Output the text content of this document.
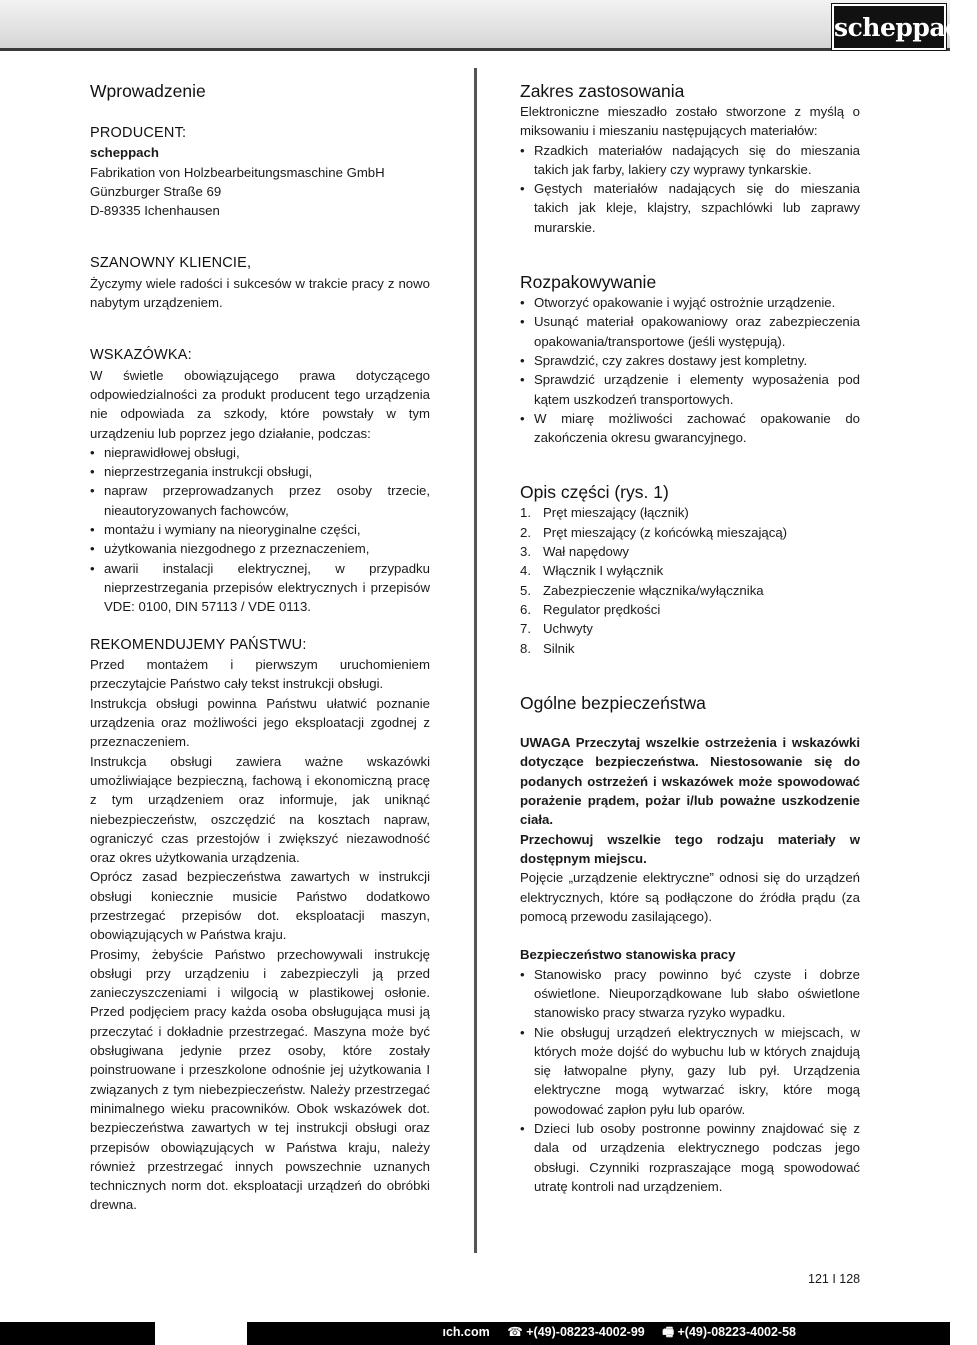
scheppach
Wprowadzenie
PRODUCENT:

scheppach

Fabrikation von Holzbearbeitungsmaschine GmbH

Günzburger Straße 69

D-89335 Ichenhausen

SZANOWNY KLIENCIE,

Życzymy wiele radości i sukcesów w trakcie pracy z nowo nabytym urządzeniem.

WSKAZÓWKA:

W świetle obowiązującego prawa dotyczącego odpowiedzialności za produkt producent tego urządzenia nie odpowiada za szkody, które powstały w tym urządzeniu lub poprzez jego działanie, podczas:

• nieprawidłowej obsługi,
• nieprzestrzegania instrukcji obsługi,
• napraw przeprowadzanych przez osoby trzecie, nieautoryzowanych fachowców,
• montażu i wymiany na nieoryginalne części,
• użytkowania niezgodnego z przeznaczeniem,
• awarii instalacji elektrycznej, w przypadku nieprzestrzegania przepisów elektrycznych i przepisów VDE: 0100, DIN 57113 / VDE 0113.
REKOMENDUJEMY PAŃSTWU:

Przed montażem i pierwszym uruchomieniem przeczytajcie Państwo cały tekst instrukcji obsługi.

Instrukcja obsługi powinna Państwu ułatwić poznanie urządzenia oraz możliwości jego eksploatacji zgodnej z przeznaczeniem.

Instrukcja obsługi zawiera ważne wskazówki umożliwiające bezpieczną, fachową i ekonomiczną pracę z tym urządzeniem oraz informuje, jak uniknąć niebezpieczeństw, oszczędzić na kosztach napraw, ograniczyć czas przestojów i zwiększyć niezawodność oraz okres użytkowania urządzenia.

Oprócz zasad bezpieczeństwa zawartych w instrukcji obsługi koniecznie musicie Państwo dodatkowo przestrzegać przepisów dot. eksploatacji maszyn, obowiązujących w Państwa kraju.

Prosimy, żebyście Państwo przechowywali instrukcję obsługi przy urządzeniu i zabezpieczyli ją przed zanieczyszczeniami i wilgocią w plastikowej osłonie. Przed podjęciem pracy każda osoba obsługująca musi ją przeczytać i dokładnie przestrzegać. Maszyna może być obsługiwana jedynie przez osoby, które zostały poinstruowane i przeszkolone odnośnie jej użytkowania I związanych z tym niebezpieczeństw. Należy przestrzegać minimalnego wieku pracowników. Obok wskazówek dot. bezpieczeństwa zawartych w tej instrukcji obsługi oraz przepisów obowiązujących w Państwa kraju, należy również przestrzegać innych powszechnie uznanych technicznych norm dot. eksploatacji urządzeń do obróbki drewna.

Zakres zastosowania

Elektroniczne mieszadło zostało stworzone z myślą o miksowaniu i mieszaniu następujących materiałów:

• Rzadkich materiałów nadających się do mieszania takich jak farby, lakiery czy wyprawy tynkarskie.
• Gęstych materiałów nadających się do mieszania takich jak kleje, klajstry, szpachlówki lub zaprawy murarskie.
Rozpakowywanie
• Otworzyć opakowanie i wyjąć ostrożnie urządzenie.
• Usunąć materiał opakowaniowy oraz zabezpieczenia opakowania/transportowe (jeśli występują).
• Sprawdzić, czy zakres dostawy jest kompletny.
• Sprawdzić urządzenie i elementy wyposażenia pod kątem uszkodzeń transportowych.
• W miarę możliwości zachować opakowanie do zakończenia okresu gwarancyjnego.
Opis części (rys. 1)
1. Pręt mieszający (łącznik)
2. Pręt mieszający (z końcówką mieszającą)
3. Wał napędowy
4. Włącznik I wyłącznik
5. Zabezpieczenie włącznika/wyłącznika
6. Regulator prędkości
7. Uchwyty
8. Silnik
Ogólne bezpieczeństwa

UWAGA Przeczytaj wszelkie ostrzeżenia i wskazówki dotyczące bezpieczeństwa. Niestosowanie się do podanych ostrzeżeń i wskazówek może spowodować porażenie prądem, pożar i/lub poważne uszkodzenie ciała.

Przechowuj wszelkie tego rodzaju materiały w dostępnym miejscu.

Pojęcie „urządzenie elektryczne” odnosi się do urządzeń elektrycznych, które są podłączone do źródła prądu (za pomocą przewodu zasilającego).

Bezpieczeństwo stanowiska pracy

• Stanowisko pracy powinno być czyste i dobrze oświetlone. Nieuporządkowane lub słabo oświetlone stanowisko pracy stwarza ryzyko wypadku.
• Nie obsługuj urządzeń elektrycznych w miejscach, w których może dojść do wybuchu lub w których znajdują się łatwopalne płyny, gazy lub pył. Urządzenia elektryczne mogą wytwarzać iskry, które mogą powodować zapłon pyłu lub oparów.
• Dzieci lub osoby postronne powinny znajdować się z dala od urządzenia elektrycznego podczas jego obsługi. Czynniki rozpraszające mogą spowodować utratę kontroli nad urządzeniem.
121 I 128
ıch.com ☎ +(49)-08223-4002-99 🖷 +(49)-08223-4002-58
